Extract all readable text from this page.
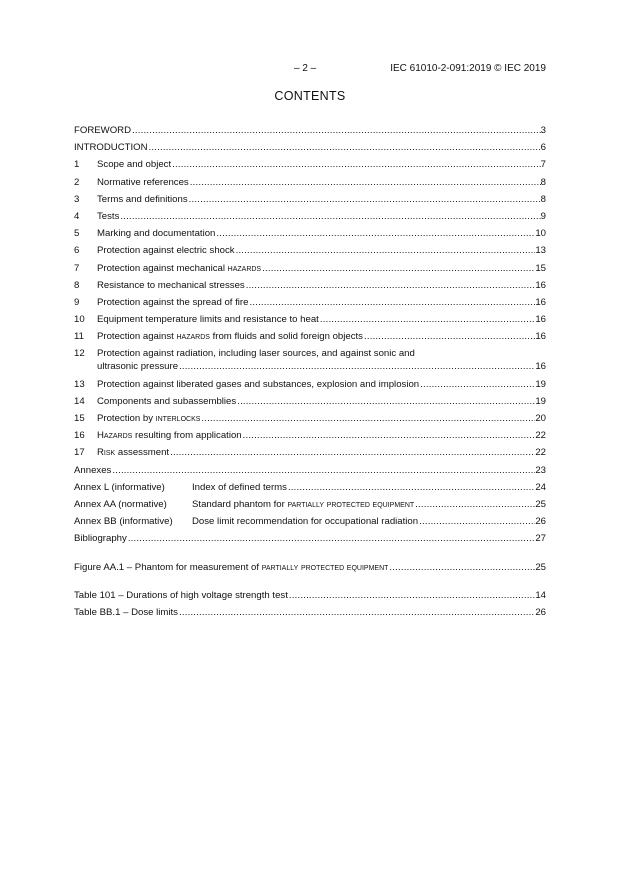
– 2 –	IEC 61010-2-091:2019 © IEC 2019
CONTENTS
FOREWORD .....	3
INTRODUCTION .....	6
1	Scope and object .....	7
2	Normative references .....	8
3	Terms and definitions .....	8
4	Tests .....	9
5	Marking and documentation .....	10
6	Protection against electric shock .....	13
7	Protection against mechanical hazards .....	15
8	Resistance to mechanical stresses .....	16
9	Protection against the spread of fire .....	16
10	Equipment temperature limits and resistance to heat .....	16
11	Protection against hazards from fluids and solid foreign objects .....	16
12	Protection against radiation, including laser sources, and against sonic and
ultrasonic pressure .....	16
13	Protection against liberated gases and substances, explosion and implosion .....	19
14	Components and subassemblies .....	19
15	Protection by interlocks .....	20
16	Hazards resulting from application .....	22
17	Risk assessment .....	22
Annexes .....	23
Annex L (informative)	Index of defined terms .....	24
Annex AA (normative)	Standard phantom for partially protected equipment .....	25
Annex BB (informative)	Dose limit recommendation for occupational radiation .....	26
Bibliography .....	27
Figure AA.1 – Phantom for measurement of partially protected equipment .....	25
Table 101 – Durations of high voltage strength test .....	14
Table BB.1 – Dose limits .....	26
